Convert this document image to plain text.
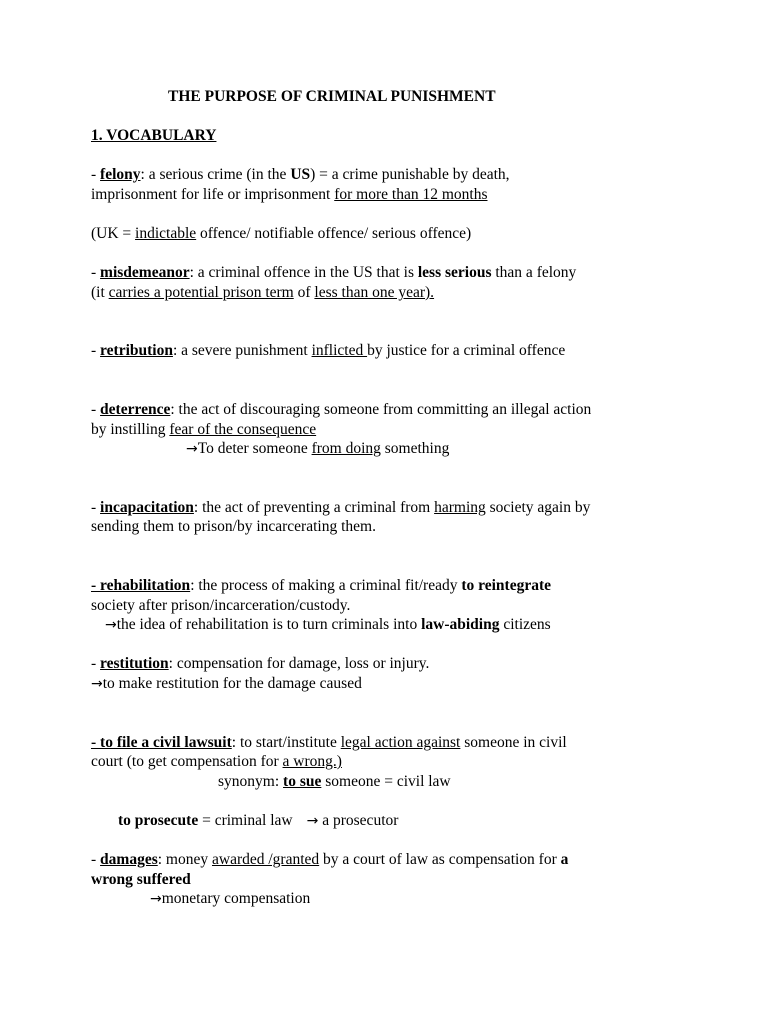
THE PURPOSE OF CRIMINAL PUNISHMENT
1. VOCABULARY
- felony: a serious crime (in the US) = a crime punishable by death,
imprisonment for life or imprisonment for more than 12 months
(UK = indictable offence/ notifiable offence/ serious offence)
- misdemeanor: a criminal offence in the US that is less serious than a felony
(it carries a potential prison term of less than one year).
- retribution: a severe punishment inflicted by justice for a criminal offence
- deterrence: the act of discouraging someone from committing an illegal action
by instilling fear of the consequence
→To deter someone from doing something
- incapacitation: the act of preventing a criminal from harming society again by
sending them to prison/by incarcerating them.
- rehabilitation: the process of making a criminal fit/ready to reintegrate
society after prison/incarceration/custody.
→the idea of rehabilitation is to turn criminals into law-abiding citizens
- restitution: compensation for damage, loss or injury.
→to make restitution for the damage caused
- to file a civil lawsuit: to start/institute legal action against someone in civil
court (to get compensation for a wrong.)
synonym: to sue someone = civil law
to prosecute = criminal law → a prosecutor
- damages: money awarded /granted by a court of law as compensation for a
wrong suffered
→monetary compensation
